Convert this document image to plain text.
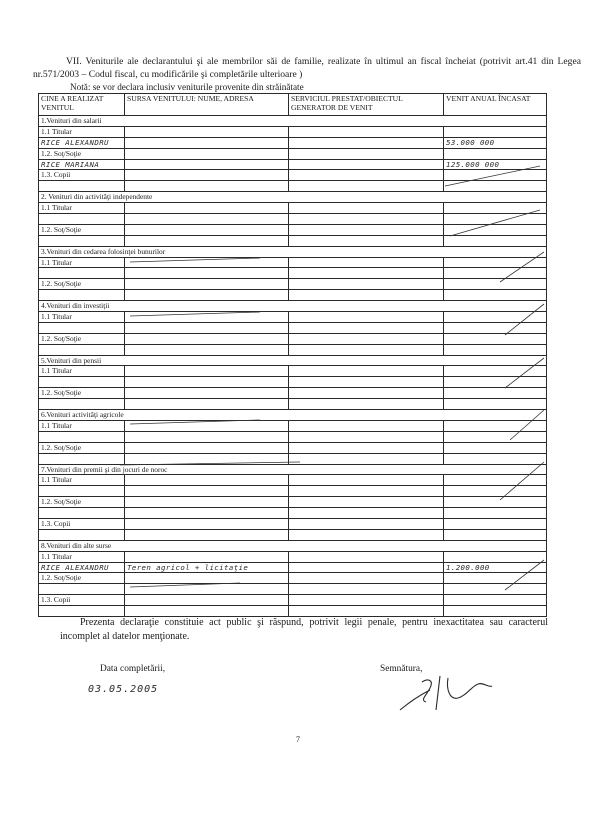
VII. Veniturile ale declarantului şi ale membrilor săi de familie, realizate în ultimul an fiscal încheiat (potrivit art.41 din Legea nr.571/2003 – Codul fiscal, cu modificările şi completările ulterioare )
Notă: se vor declara inclusiv veniturile provenite din străinătate
CINE A REALIZAT VENITUL	SURSA VENITULUI: NUME, ADRESA	SERVICIUL PRESTAT/OBIECTUL GENERATOR DE VENIT	VENIT ANUAL ÎNCASAT
1.Venituri din salarii			
1.1 Titular			
RICE ALEXANDRU			53.000 000
1.2. Soţ/Soţie			
RICE MARIANA			125.000 000
1.3. Copii			

2. Venituri din activităţi independente			
1.1 Titular			

1.2. Soţ/Soţie			

3.Venituri din cedarea folosinţei bunurilor			
1.1 Titular			

1.2. Soţ/Soţie			

4.Venituri din investiţii			
1.1 Titular			

1.2. Soţ/Soţie			

5.Venituri din pensii			
1.1 Titular			

1.2. Soţ/Soţie			

6.Venituri activităţi agricole			
1.1 Titular			

1.2. Soţ/Soţie			

7.Venituri din premii şi din jocuri de noroc			
1.1 Titular			

1.2. Soţ/Soţie			

1.3. Copii			

8.Venituri din alte surse			
1.1 Titular			
RICE ALEXANDRU	Teren agricol + licitaţie		1.200.000
1.2. Soţ/Soţie			

1.3. Copii			

Prezenta declaraţie constituie act public şi răspund, potrivit legii penale, pentru inexactitatea sau caracterul incomplet al datelor menţionate.
Data completării,
03.05.2005
Semnătura,
7
